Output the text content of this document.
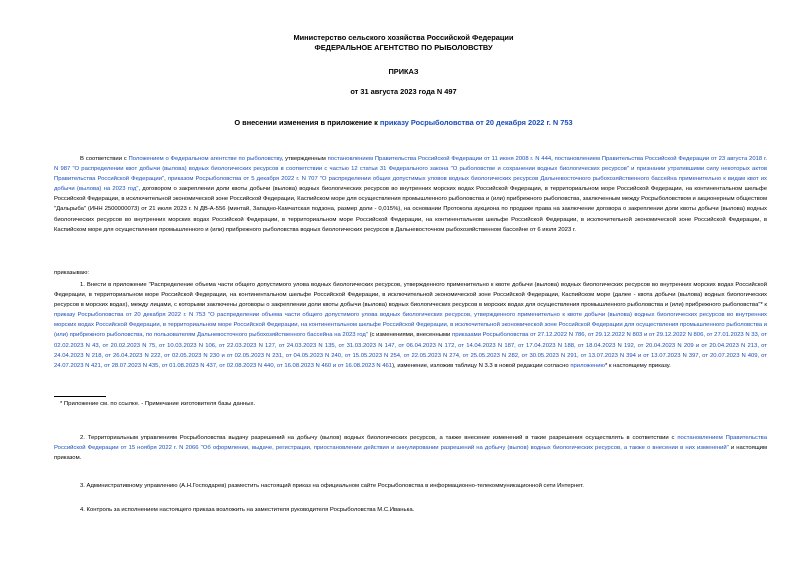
Министерство сельского хозяйства Российской Федерации
ФЕДЕРАЛЬНОЕ АГЕНТСТВО ПО РЫБОЛОВСТВУ
ПРИКАЗ
от 31 августа 2023 года N 497
О внесении изменения в приложение к приказу Росрыболовства от 20 декабря 2022 г. N 753
В соответствии с Положением о Федеральном агентстве по рыболовству, утвержденным постановлением Правительства Российской Федерации от 11 июня 2008 г. N 444, постановлением Правительства Российской Федерации от 23 августа 2018 г. N 987 "О распределении квот добычи (вылова) водных биологических ресурсов в соответствии с частью 12 статьи 31 Федерального закона "О рыболовстве и сохранении водных биологических ресурсов" и признании утратившими силу некоторых актов Правительства Российской Федерации", приказом Росрыболовства от 5 декабря 2022 г. N 707 "О распределении общих допустимых уловов водных биологических ресурсов Дальневосточного рыбохозяйственного бассейна применительно к видам квот их добычи (вылова) на 2023 год", договором о закреплении доли квоты добычи (вылова) водных биологических ресурсов во внутренних морских водах Российской Федерации, в территориальном море Российской Федерации, на континентальном шельфе Российской Федерации, в исключительной экономической зоне Российской Федерации, Каспийском море для осуществления промышленного рыболовства и (или) прибрежного рыболовства, заключенным между Росрыболовством и акционерным обществом "Дальрыба" (ИНН 2500000073) от 21 июля 2023 г. N ДВ-А-556 (минтай, Западно-Камчатская подзона, размер доли - 0,015%), на основании Протокола аукциона по продаже права на заключение договора о закреплении доли квоты добычи (вылова) водных биологических ресурсов во внутренних морских водах Российской Федерации, в территориальном море Российской Федерации, на континентальном шельфе Российской Федерации, в исключительной экономической зоне Российской Федерации, в Каспийском море для осуществления промышленного и (или) прибрежного рыболовства водных биологических ресурсов в Дальневосточном рыбохозяйственном бассейне от 6 июля 2023 г.
приказываю:
1. Внести в приложение "Распределение объема части общего допустимого улова водных биологических ресурсов, утвержденного применительно к квоте добычи (вылова) водных биологических ресурсов во внутренних морских водах Российской Федерации, в территориальном море Российской Федерации, на континентальном шельфе Российской Федерации, в исключительной экономической зоне Российской Федерации, Каспийском море (далее - квота добычи (вылова) водных биологических ресурсов в морских водах), между лицами, с которыми заключены договоры о закреплении доли квоты добычи (вылова) водных биологических ресурсов в морских водах для осуществления промышленного рыболовства и (или) прибрежного рыболовства"* к приказу Росрыболовства от 20 декабря 2022 г. N 753 "О распределении объема части общего допустимого улова водных биологических ресурсов, утвержденного применительно к квоте добычи (вылова) водных биологических ресурсов во внутренних морских водах Российской Федерации, в территориальном море Российской Федерации, на континентальном шельфе Российской Федерации, в исключительной экономической зоне Российской Федерации для осуществления промышленного рыболовства и (или) прибрежного рыболовства, по пользователям Дальневосточного рыбохозяйственного бассейна на 2023 год" (с изменениями, внесенными приказами Росрыболовства от 27.12.2022 N 786, от 29.12.2022 N 803 и от 29.12.2022 N 806, от 27.01.2023 N 33, от 02.02.2023 N 43, от 20.02.2023 N 75, от 10.03.2023 N 106, от 22.03.2023 N 127, от 24.03.2023 N 135, от 31.03.2023 N 147, от 06.04.2023 N 172, от 14.04.2023 N 187, от 17.04.2023 N 188, от 18.04.2023 N 192, от 20.04.2023 N 209 и от 20.04.2023 N 213, от 24.04.2023 N 218, от 26.04.2023 N 222, от 02.05.2023 N 230 и от 02.05.2023 N 231, от 04.05.2023 N 240, от 15.05.2023 N 254, от 22.05.2023 N 274, от 25.05.2023 N 282, от 30.05.2023 N 291, от 13.07.2023 N 394 и от 13.07.2023 N 397, от 20.07.2023 N 409, от 24.07.2023 N 421, от 28.07.2023 N 435, от 01.08.2023 N 437, от 02.08.2023 N 440, от 16.08.2023 N 460 и от 16.08.2023 N 461), изменение, изложив таблицу N 3.3 в новой редакции согласно приложению* к настоящему приказу.
* Приложение см. по ссылке. - Примечание изготовителя базы данных.
2. Территориальным управлениям Росрыболовства выдачу разрешений на добычу (вылов) водных биологических ресурсов, а также внесение изменений в такие разрешения осуществлять в соответствии с постановлением Правительства Российской Федерации от 15 ноября 2022 г. N 2066 "Об оформлении, выдаче, регистрации, приостановлении действия и аннулировании разрешений на добычу (вылов) водных биологических ресурсов, а также о внесении в них изменений" и настоящим приказом.
3. Административному управлению (А.Н.Господарев) разместить настоящий приказ на официальном сайте Росрыболовства в информационно-телекоммуникационной сети Интернет.
4. Контроль за исполнением настоящего приказа возложить на заместителя руководителя Росрыболовства М.С.Иванька.
